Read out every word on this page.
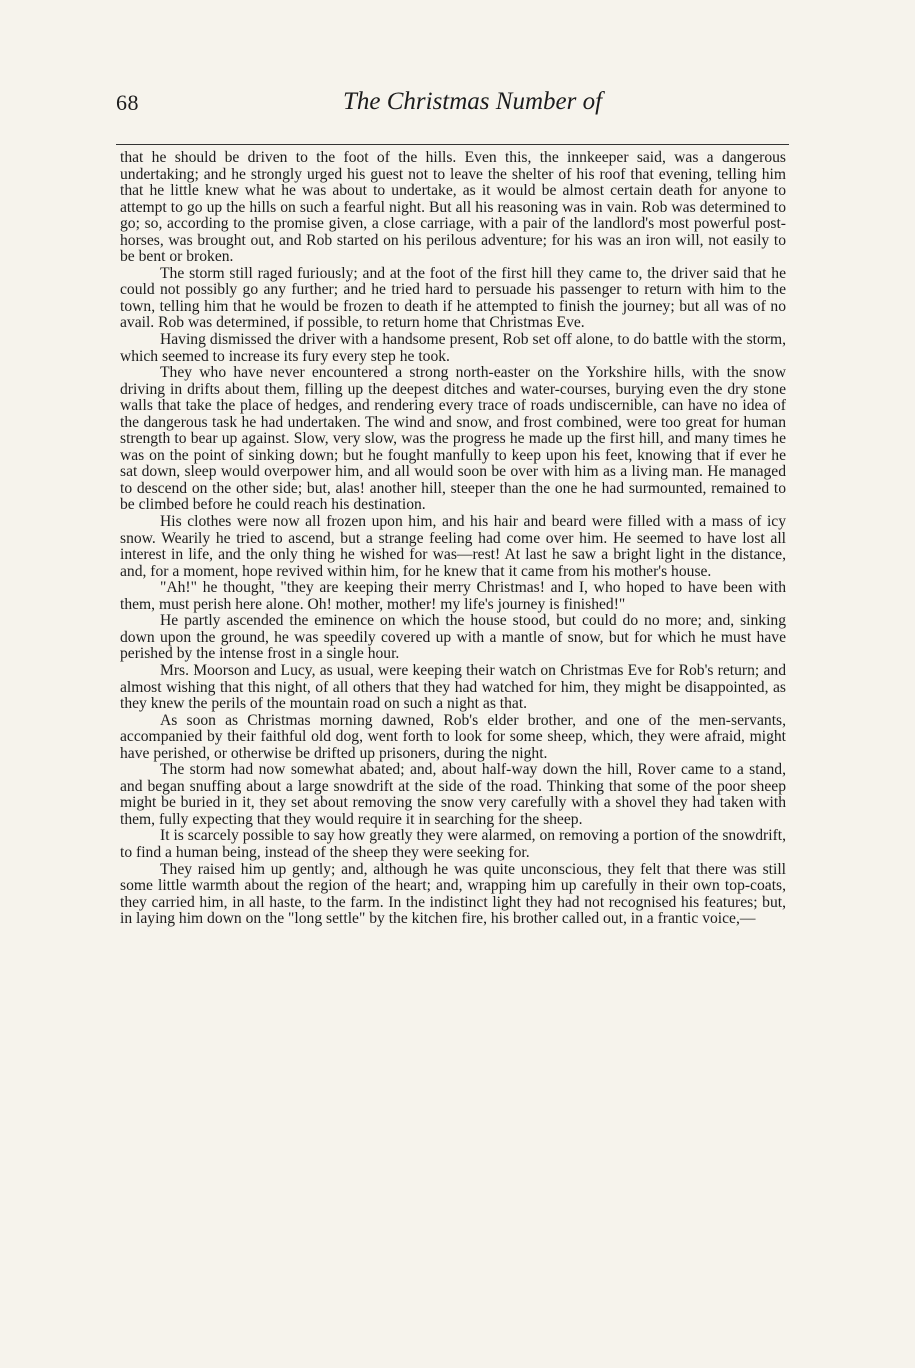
68	The Christmas Number of

that he should be driven to the foot of the hills. Even this, the innkeeper said, was a dangerous undertaking; and he strongly urged his guest not to leave the shelter of his roof that evening, telling him that he little knew what he was about to undertake, as it would be almost certain death for anyone to attempt to go up the hills on such a fearful night. But all his reasoning was in vain. Rob was determined to go; so, according to the promise given, a close carriage, with a pair of the landlord's most powerful post-horses, was brought out, and Rob started on his perilous adventure; for his was an iron will, not easily to be bent or broken.

The storm still raged furiously; and at the foot of the first hill they came to, the driver said that he could not possibly go any further; and he tried hard to persuade his passenger to return with him to the town, telling him that he would be frozen to death if he attempted to finish the journey; but all was of no avail. Rob was determined, if possible, to return home that Christmas Eve.

Having dismissed the driver with a handsome present, Rob set off alone, to do battle with the storm, which seemed to increase its fury every step he took.

They who have never encountered a strong north-easter on the Yorkshire hills, with the snow driving in drifts about them, filling up the deepest ditches and water-courses, burying even the dry stone walls that take the place of hedges, and rendering every trace of roads undiscernible, can have no idea of the dangerous task he had undertaken. The wind and snow, and frost combined, were too great for human strength to bear up against. Slow, very slow, was the progress he made up the first hill, and many times he was on the point of sinking down; but he fought manfully to keep upon his feet, knowing that if ever he sat down, sleep would overpower him, and all would soon be over with him as a living man. He managed to descend on the other side; but, alas! another hill, steeper than the one he had surmounted, remained to be climbed before he could reach his destination.

His clothes were now all frozen upon him, and his hair and beard were filled with a mass of icy snow. Wearily he tried to ascend, but a strange feeling had come over him. He seemed to have lost all interest in life, and the only thing he wished for was—rest! At last he saw a bright light in the distance, and, for a moment, hope revived within him, for he knew that it came from his mother's house.

"Ah!" he thought, "they are keeping their merry Christmas! and I, who hoped to have been with them, must perish here alone. Oh! mother, mother! my life's journey is finished!"

He partly ascended the eminence on which the house stood, but could do no more; and, sinking down upon the ground, he was speedily covered up with a mantle of snow, but for which he must have perished by the intense frost in a single hour.

Mrs. Moorson and Lucy, as usual, were keeping their watch on Christmas Eve for Rob's return; and almost wishing that this night, of all others that they had watched for him, they might be disappointed, as they knew the perils of the mountain road on such a night as that.

As soon as Christmas morning dawned, Rob's elder brother, and one of the men-servants, accompanied by their faithful old dog, went forth to look for some sheep, which, they were afraid, might have perished, or otherwise be drifted up prisoners, during the night.

The storm had now somewhat abated; and, about half-way down the hill, Rover came to a stand, and began snuffing about a large snowdrift at the side of the road. Thinking that some of the poor sheep might be buried in it, they set about removing the snow very carefully with a shovel they had taken with them, fully expecting that they would require it in searching for the sheep.

It is scarcely possible to say how greatly they were alarmed, on removing a portion of the snowdrift, to find a human being, instead of the sheep they were seeking for.

They raised him up gently; and, although he was quite unconscious, they felt that there was still some little warmth about the region of the heart; and, wrapping him up carefully in their own top-coats, they carried him, in all haste, to the farm. In the indistinct light they had not recognised his features; but, in laying him down on the "long settle" by the kitchen fire, his brother called out, in a frantic voice,—
